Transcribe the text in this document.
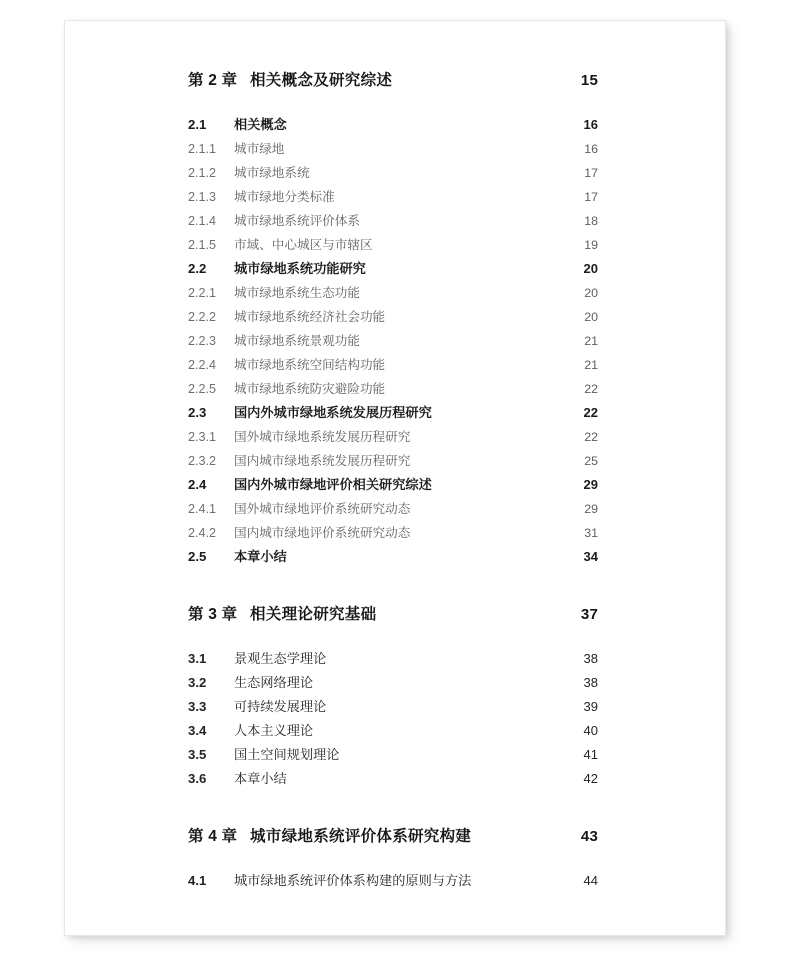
第 2 章 相关概念及研究综述	15
2.1	相关概念	16
2.1.1	城市绿地	16
2.1.2	城市绿地系统	17
2.1.3	城市绿地分类标准	17
2.1.4	城市绿地系统评价体系	18
2.1.5	市域、中心城区与市辖区	19
2.2	城市绿地系统功能研究	20
2.2.1	城市绿地系统生态功能	20
2.2.2	城市绿地系统经济社会功能	20
2.2.3	城市绿地系统景观功能	21
2.2.4	城市绿地系统空间结构功能	21
2.2.5	城市绿地系统防灾避险功能	22
2.3	国内外城市绿地系统发展历程研究	22
2.3.1	国外城市绿地系统发展历程研究	22
2.3.2	国内城市绿地系统发展历程研究	25
2.4	国内外城市绿地评价相关研究综述	29
2.4.1	国外城市绿地评价系统研究动态	29
2.4.2	国内城市绿地评价系统研究动态	31
2.5	本章小结	34
第 3 章 相关理论研究基础	37
3.1	景观生态学理论	38
3.2	生态网络理论	38
3.3	可持续发展理论	39
3.4	人本主义理论	40
3.5	国土空间规划理论	41
3.6	本章小结	42
第 4 章 城市绿地系统评价体系研究构建	43
4.1	城市绿地系统评价体系构建的原则与方法	44
